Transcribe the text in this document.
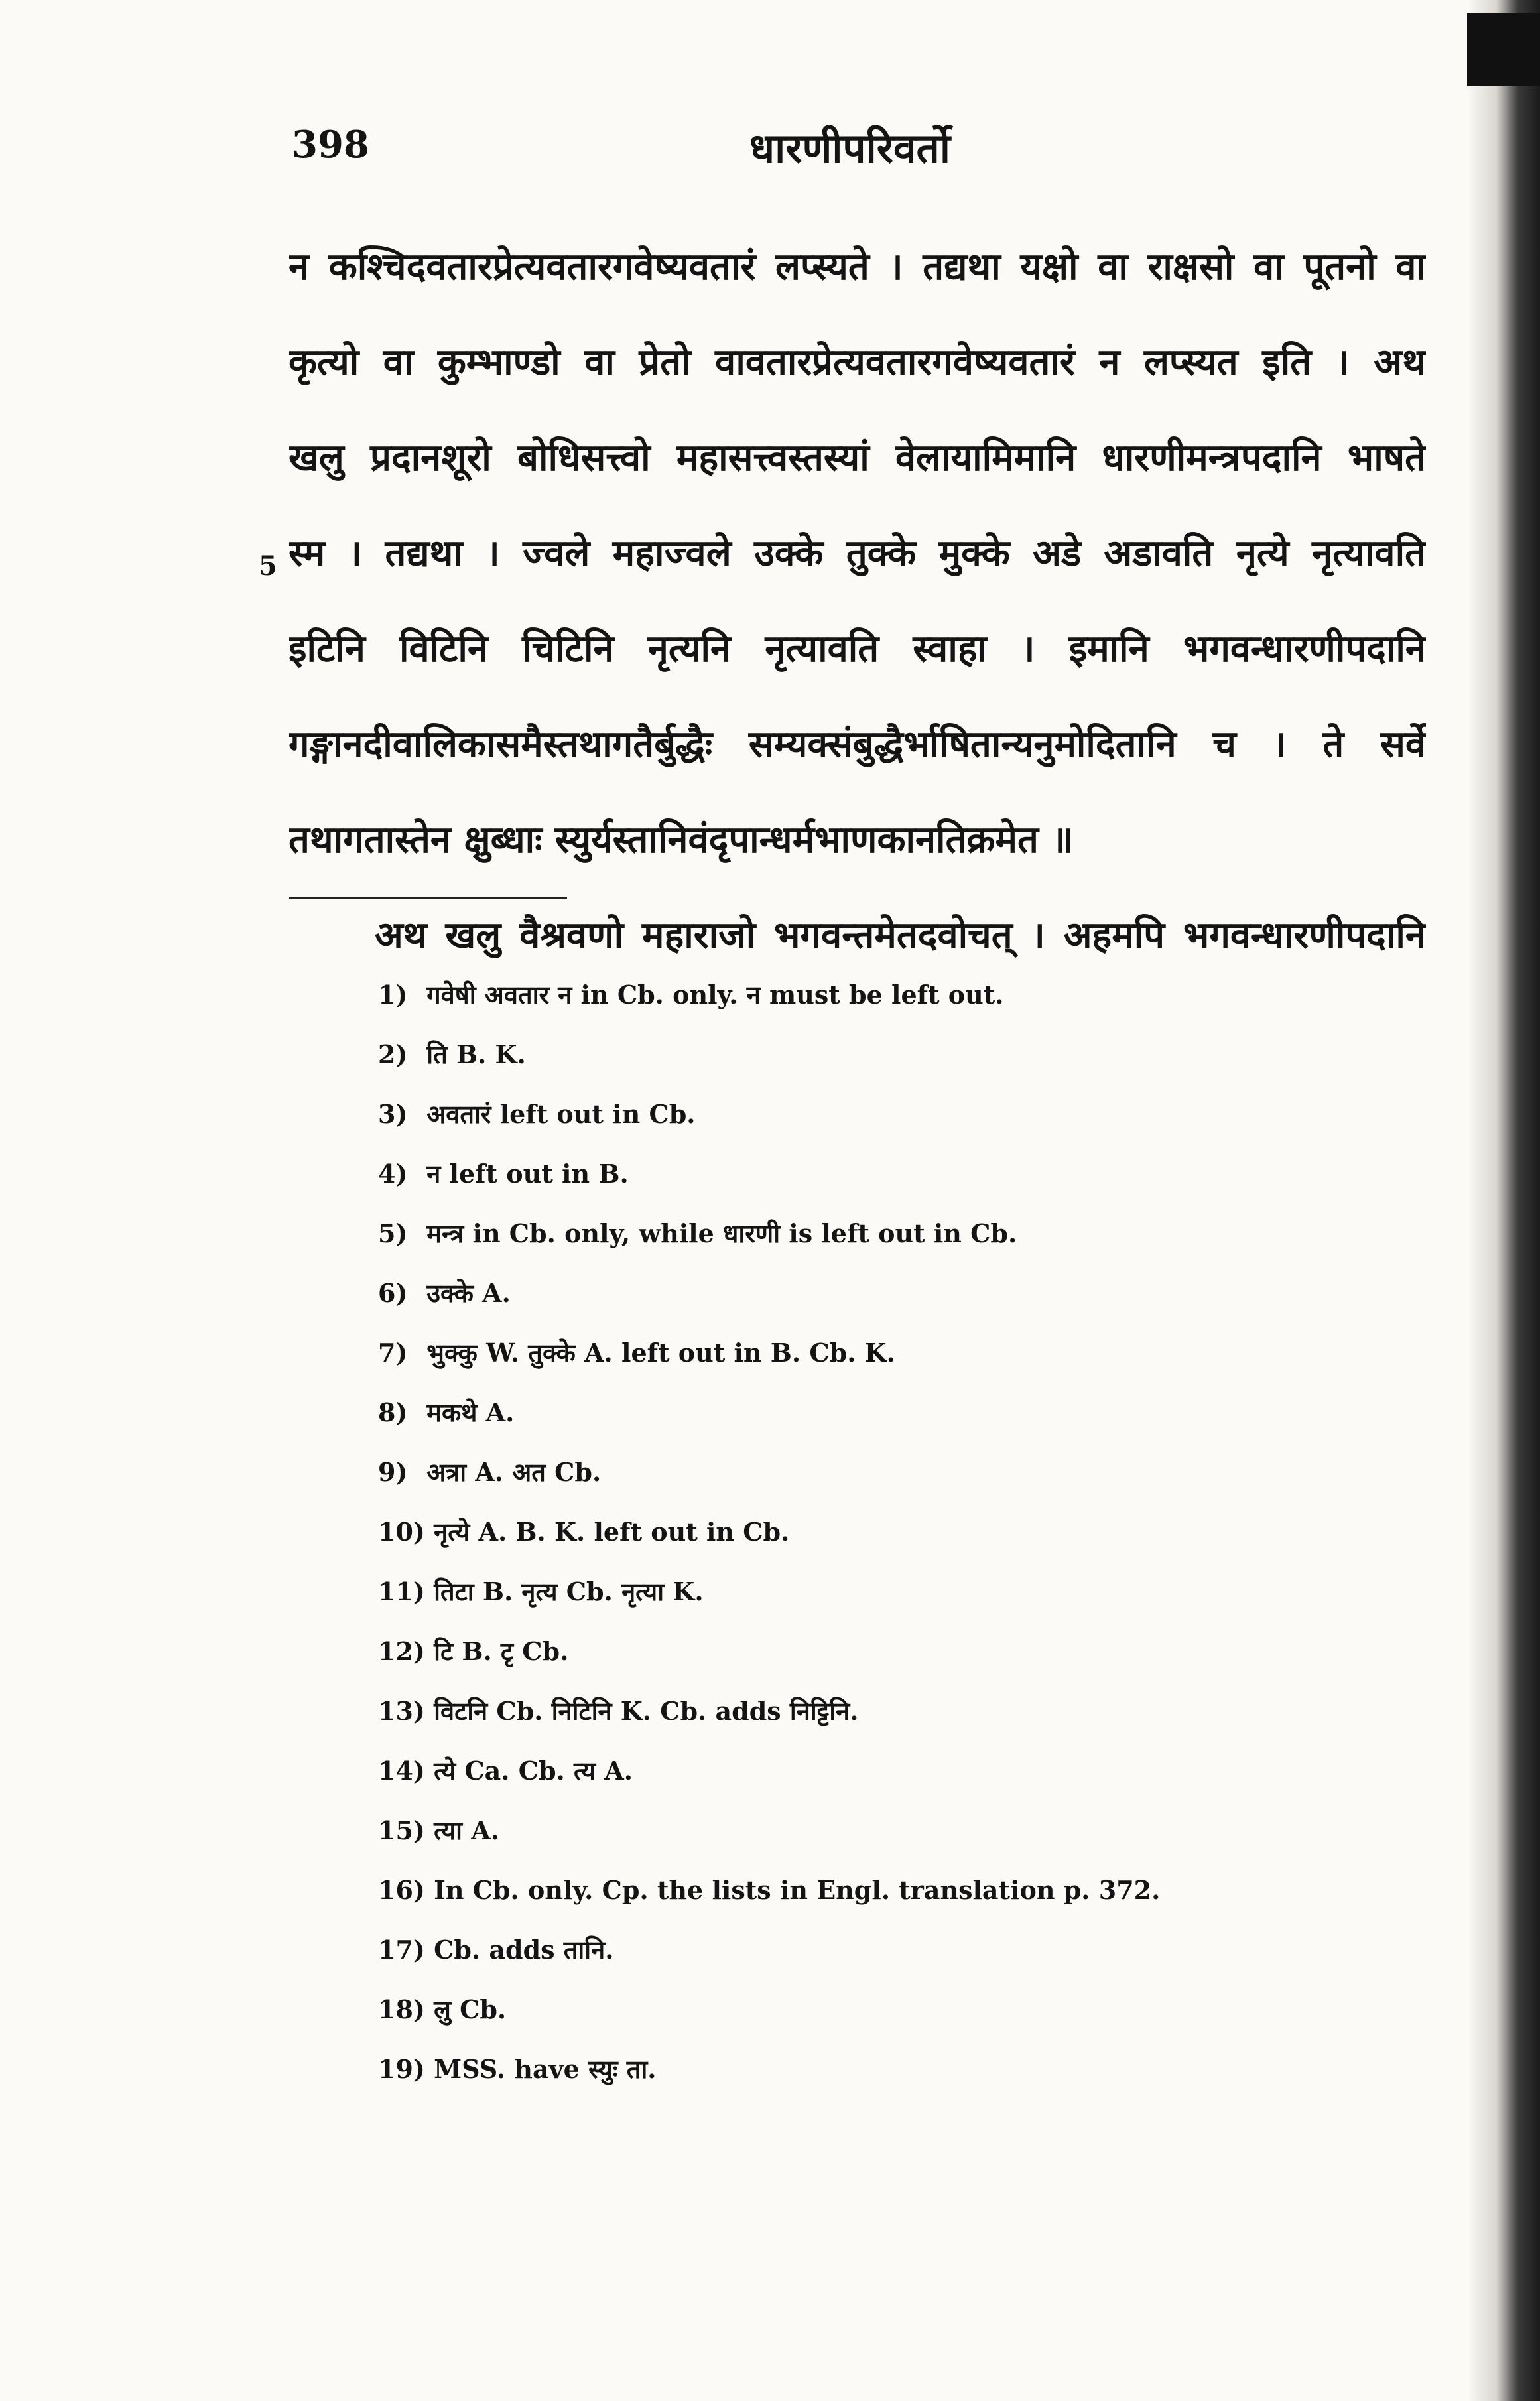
398	धारणीपरिवर्तो
5
न कश्चिदवतारप्रेत्यवतारगवेष्यवतारं लप्स्यते । तद्यथा यक्षो वा राक्षसो वा पूतनो वा
कृत्यो वा कुम्भाण्डो वा प्रेतो वावतारप्रेत्यवतारगवेष्यवतारं न लप्स्यत इति । अथ
खलु प्रदानशूरो बोधिसत्त्वो महासत्त्वस्तस्यां वेलायामिमानि धारणीमन्त्रपदानि भाषते
स्म । तद्यथा । ज्वले महाज्वले उक्के तुक्के मुक्के अडे अडावति नृत्ये नृत्यावति
इटिनि विटिनि चिटिनि नृत्यनि नृत्यावति स्वाहा । इमानि भगवन्धारणीपदानि
गङ्गानदीवालिकासमैस्तथागतैर्बुद्धैः सम्यक्संबुद्धैर्भाषितान्यनुमोदितानि च । ते सर्वे
तथागतास्तेन क्षुब्धाः स्युर्यस्तानिवंदृपान्धर्मभाणकानतिक्रमेत ॥
अथ खलु वैश्रवणो महाराजो भगवन्तमेतदवोचत् । अहमपि भगवन्धारणीपदानि
1) गवेषी अवतार न in Cb. only. न must be left out.
2) ति B. K.
3) अवतारं left out in Cb.
4) न left out in B.
5) मन्त्र in Cb. only, while धारणी is left out in Cb.
6) उक्के A.
7) भुक्कु W. तुक्के A. left out in B. Cb. K.
8) मकथे A.
9) अत्रा A. अत Cb.
10) नृत्ये A. B. K. left out in Cb.
11) तिटा B. नृत्य Cb. नृत्या K.
12) टि B. टृ Cb.
13) विटनि Cb. निटिनि K. Cb. adds निट्टिनि.
14) त्ये Ca. Cb. त्य A.
15) त्या A.
16) In Cb. only. Cp. the lists in Engl. translation p. 372.
17) Cb. adds तानि.
18) लु Cb.
19) MSS. have स्युः ता.
